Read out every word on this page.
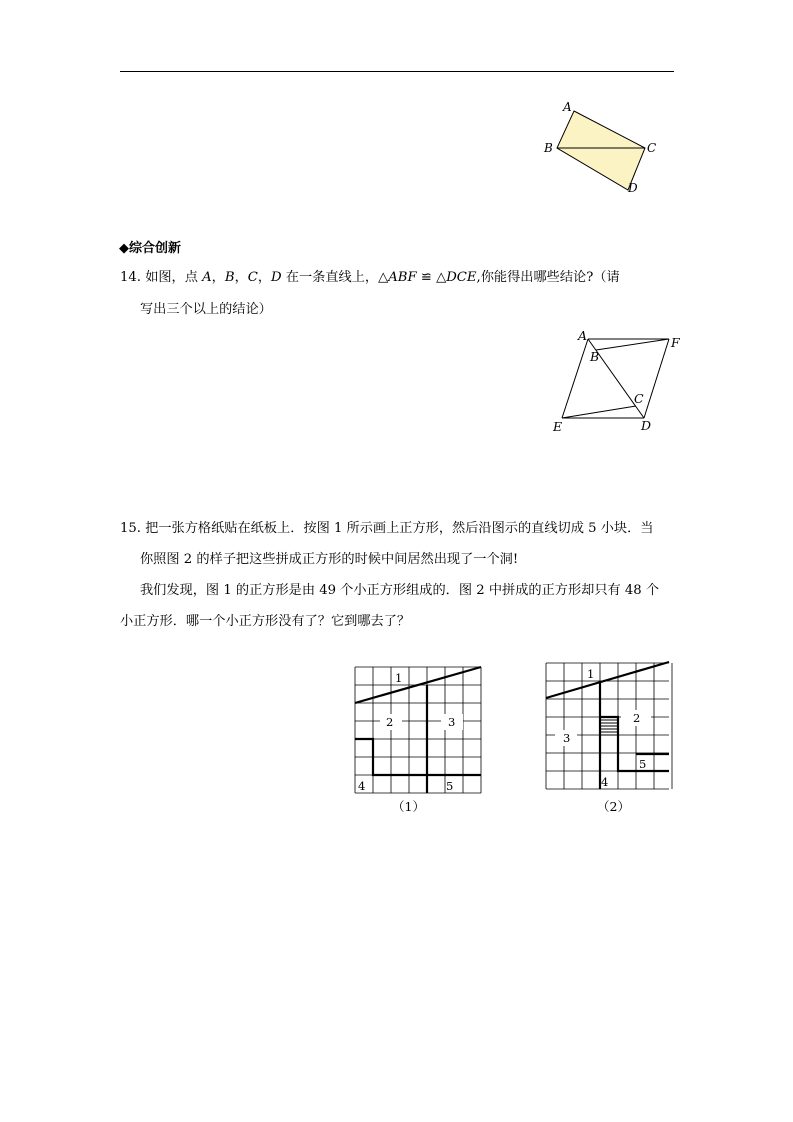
A
B	C
D
◆综合创新
14. 如图，点 A，B，C，D 在一条直线上，△ABF ≌ △DCE,你能得出哪些结论?（请
写出三个以上的结论）
A
B
C
D
E
F
15. 把一张方格纸贴在纸板上．按图 1 所示画上正方形，然后沿图示的直线切成 5 小块．当
你照图 2 的样子把这些拼成正方形的时候中间居然出现了一个洞!
我们发现，图 1 的正方形是由 49 个小正方形组成的．图 2 中拼成的正方形却只有 48 个
小正方形．哪一个小正方形没有了？它到哪去了？
1
2	3
4	5
（1）
1
2
3
4
5
（2）
